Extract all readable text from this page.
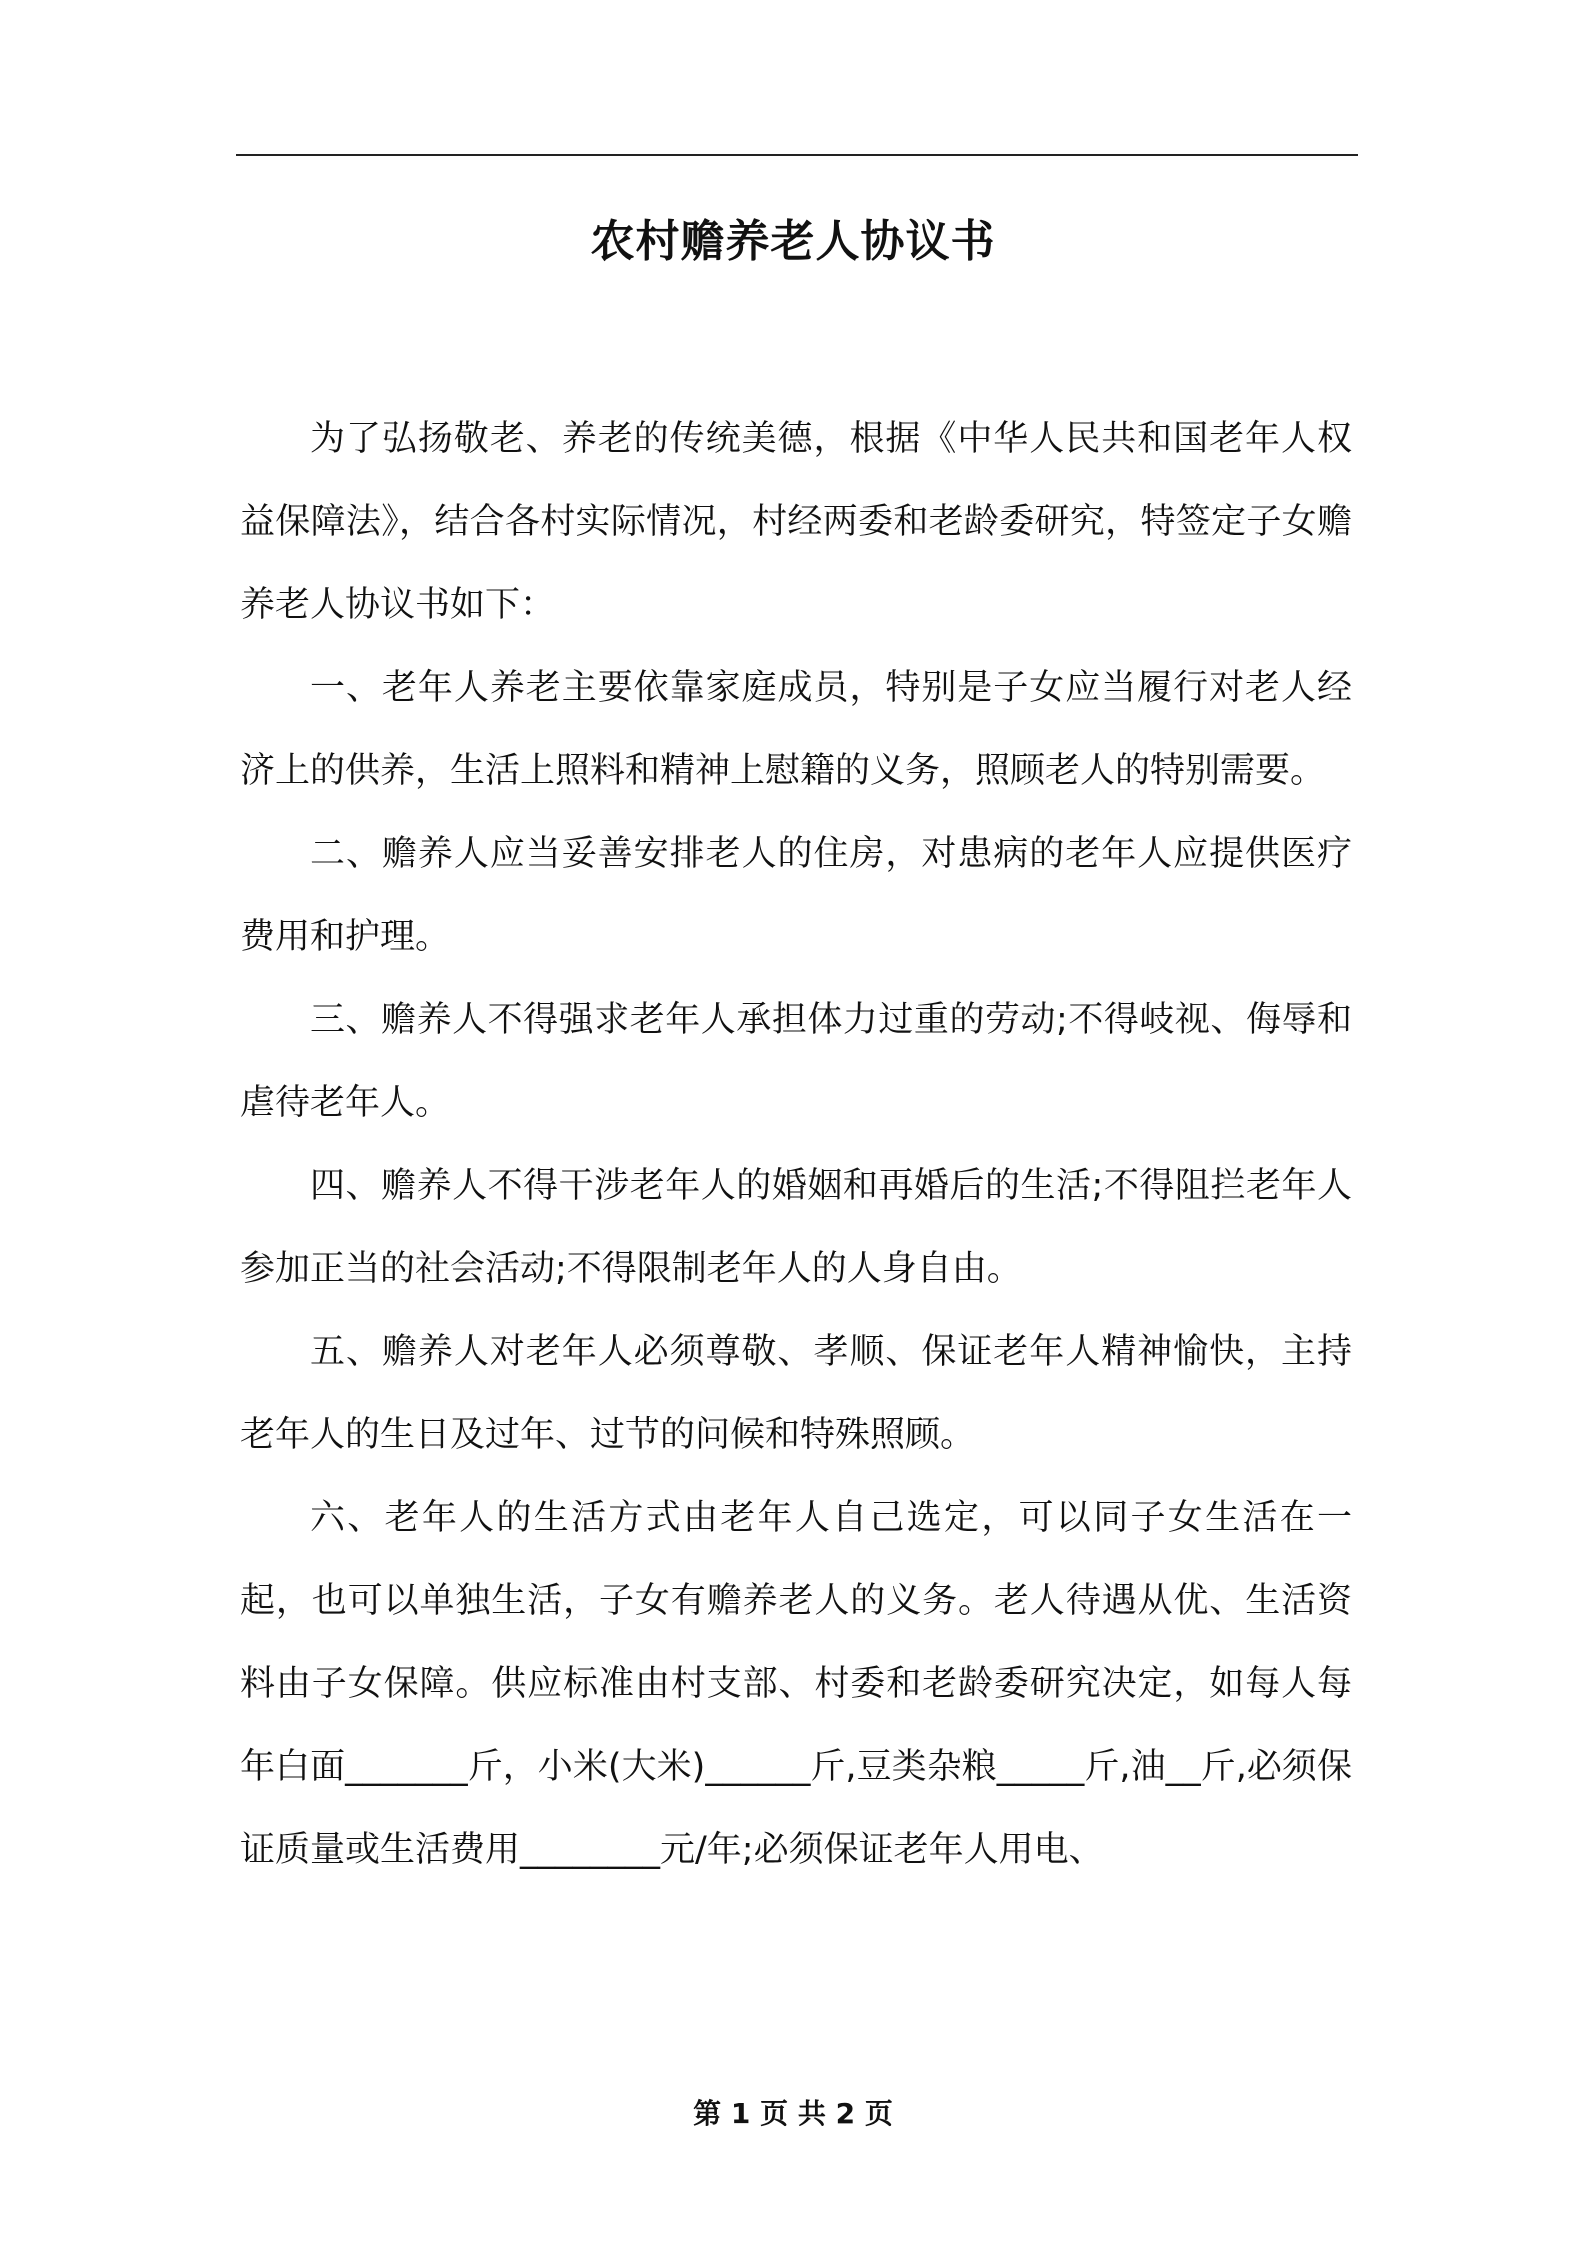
农村赡养老人协议书

为了弘扬敬老、养老的传统美德，根据《中华人民共和国老年人权益保障法》，结合各村实际情况，村经两委和老龄委研究，特签定子女赡养老人协议书如下：

一、老年人养老主要依靠家庭成员，特别是子女应当履行对老人经济上的供养，生活上照料和精神上慰籍的义务，照顾老人的特别需要。

二、赡养人应当妥善安排老人的住房，对患病的老年人应提供医疗费用和护理。

三、赡养人不得强求老年人承担体力过重的劳动;不得岐视、侮辱和虐待老年人。

四、赡养人不得干涉老年人的婚姻和再婚后的生活;不得阻拦老年人参加正当的社会活动;不得限制老年人的人身自由。

五、赡养人对老年人必须尊敬、孝顺、保证老年人精神愉快，主持老年人的生日及过年、过节的问候和特殊照顾。

六、老年人的生活方式由老年人自己选定，可以同子女生活在一起，也可以单独生活，子女有赡养老人的义务。老人待遇从优、生活资料由子女保障。供应标准由村支部、村委和老龄委研究决定，如每人每年白面_______斤，小米(大米)______斤,豆类杂粮_____斤,油__斤,必须保证质量或生活费用________元/年;必须保证老年人用电、

第 1 页 共 2 页
